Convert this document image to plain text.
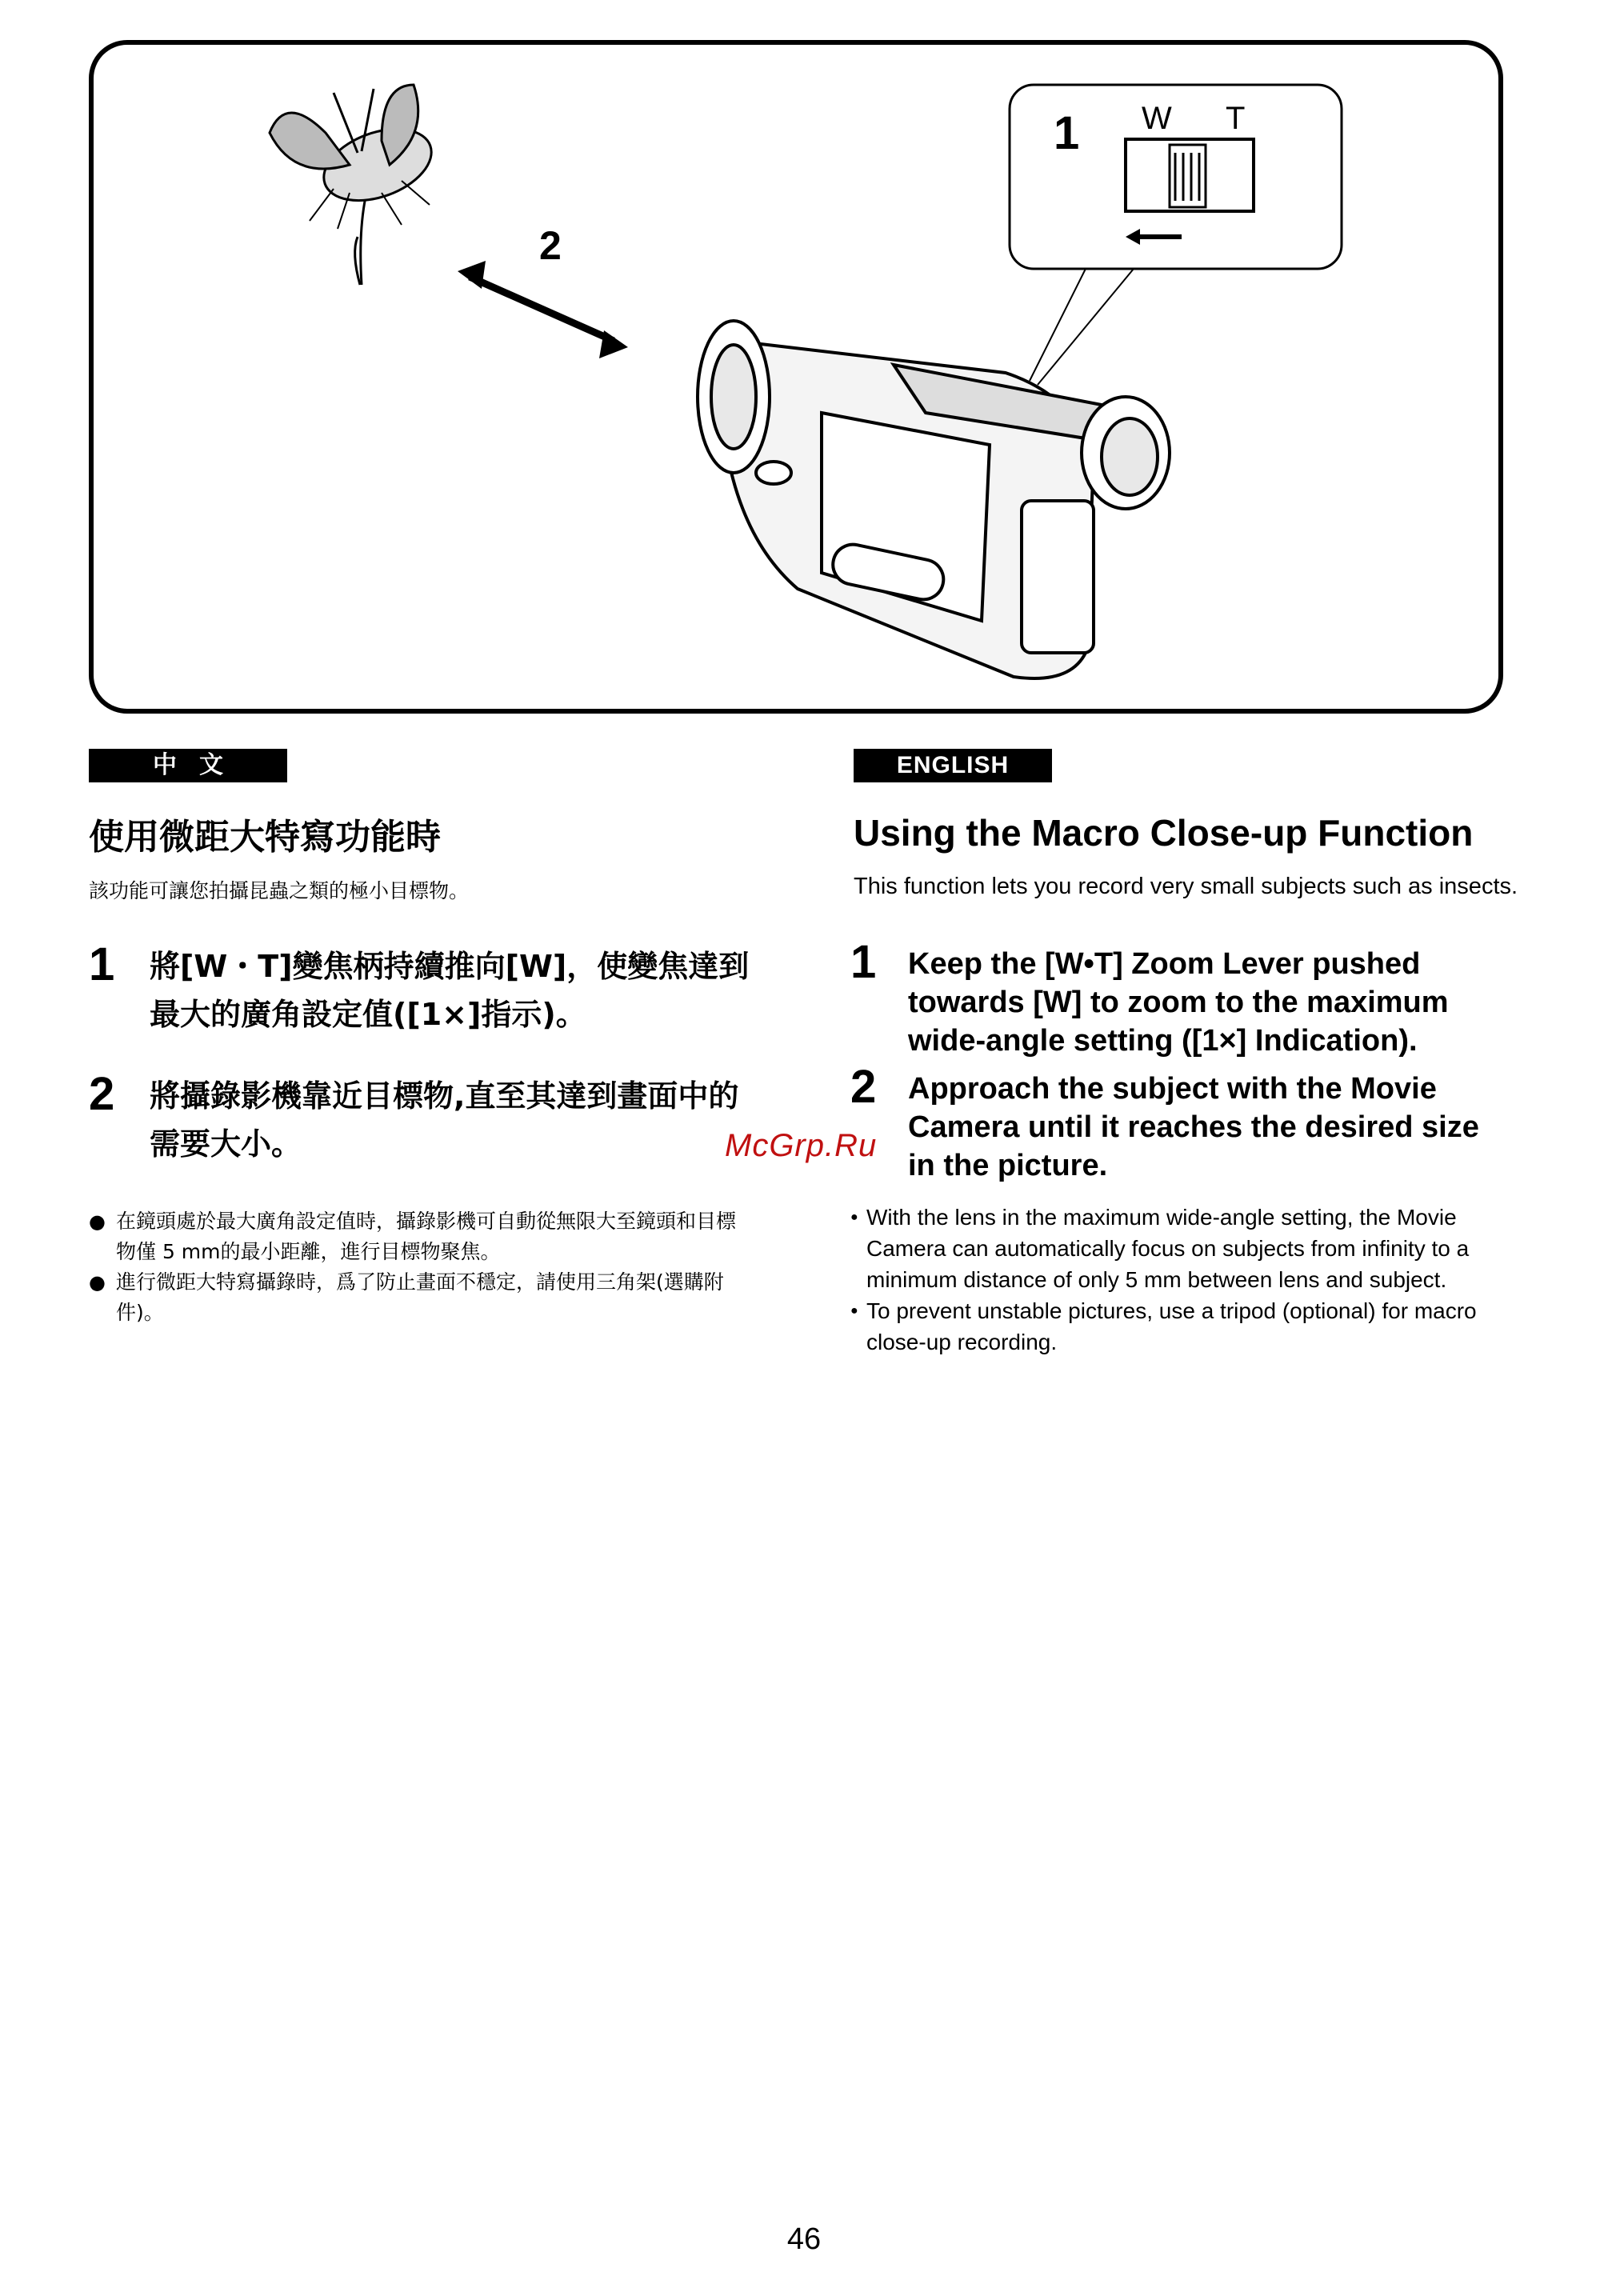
2
1 W T
中文
使用微距大特寫功能時
該功能可讓您拍攝昆蟲之類的極小目標物。
1 將[W・T]變焦柄持續推向[W]，使變焦達到最大的廣角設定值([1×]指示)。
2 將攝錄影機靠近目標物,直至其達到畫面中的需要大小。

● 在鏡頭處於最大廣角設定值時，攝錄影機可自動從無限大至鏡頭和目標物僅 5 mm的最小距離，進行目標物聚焦。

● 進行微距大特寫攝錄時，爲了防止畫面不穩定，請使用三角架(選購附件)。

ENGLISH
Using the Macro Close-up Function
This function lets you record very small subjects such as insects.
1 Keep the [W•T] Zoom Lever pushed towards [W] to zoom to the maximum wide-angle setting ([1×] Indication).
2 Approach the subject with the Movie Camera until it reaches the desired size in the picture.

● With the lens in the maximum wide-angle setting, the Movie Camera can automatically focus on subjects from infinity to a minimum distance of only 5 mm between lens and subject.

● To prevent unstable pictures, use a tripod (optional) for macro close-up recording.

McGrp.Ru
46
